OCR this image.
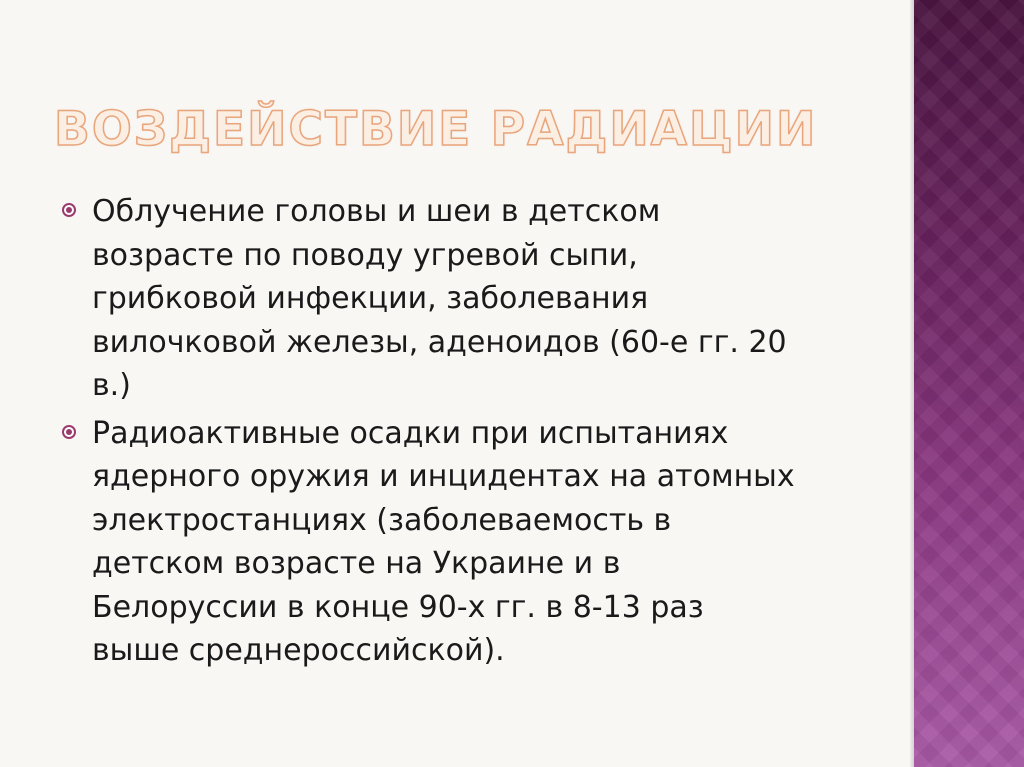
ВОЗДЕЙСТВИЕ РАДИАЦИИ
Облучение головы и шеи в детском
возрасте по поводу угревой сыпи,
грибковой инфекции, заболевания
вилочковой железы, аденоидов (60-е гг. 20
в.)
Радиоактивные осадки при испытаниях
ядерного оружия и инцидентах на атомных
электростанциях (заболеваемость в
детском возрасте на Украине и в
Белоруссии в конце 90-х гг. в 8-13 раз
выше среднероссийской).
